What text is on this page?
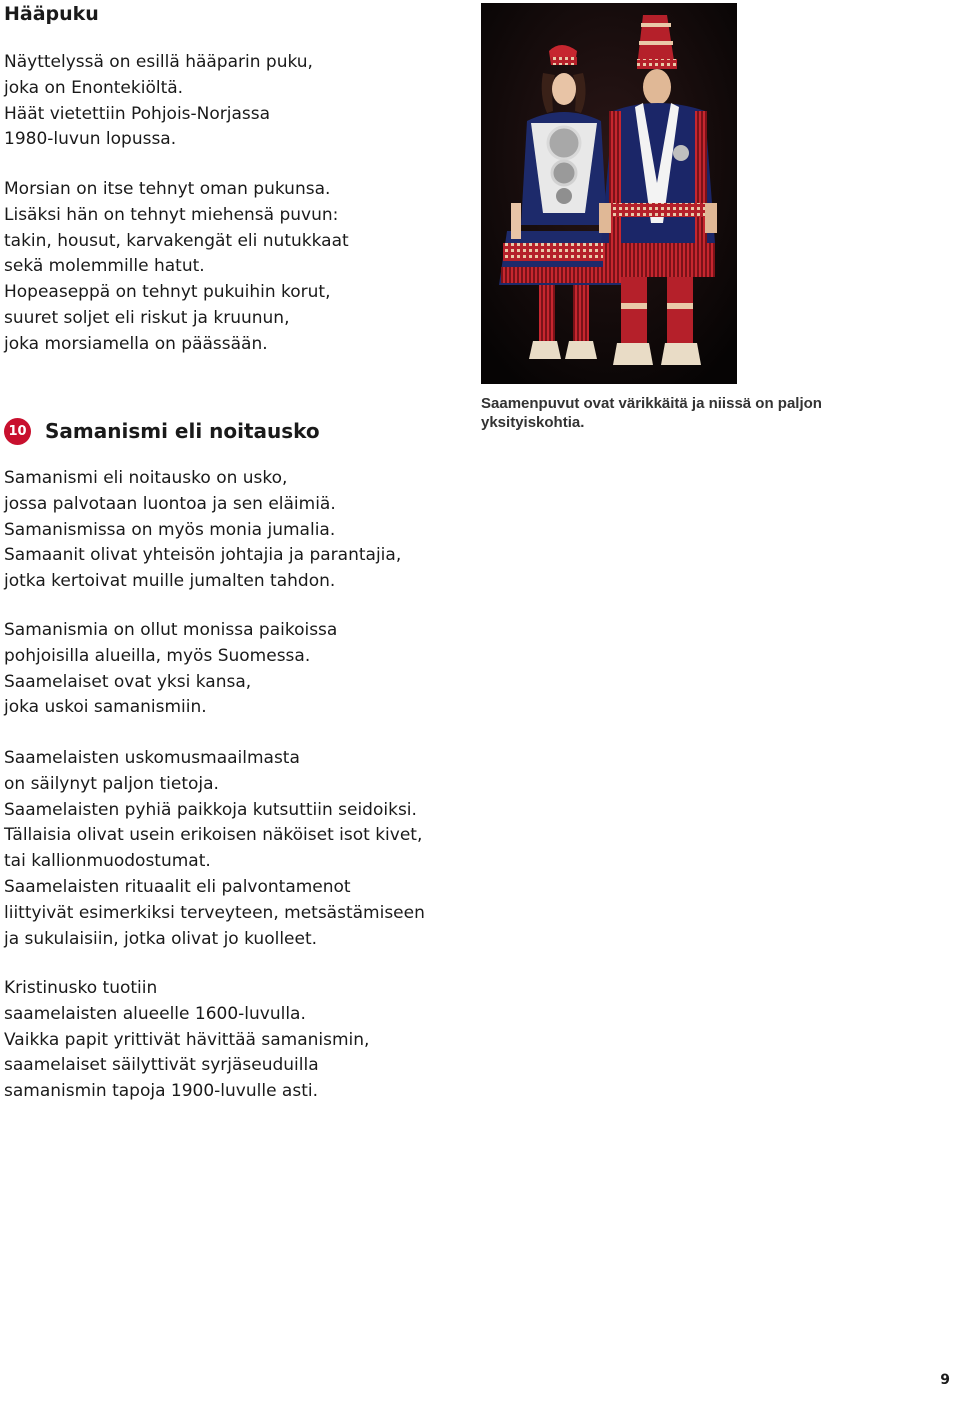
Hääpuku

Näyttelyssä on esillä hääparin puku,
joka on Enontekiöltä.
Häät vietettiin Pohjois-Norjassa
1980-luvun lopussa.

Morsian on itse tehnyt oman pukunsa.
Lisäksi hän on tehnyt miehensä puvun:
takin, housut, karvakengät eli nutukkaat
sekä molemmille hatut.
Hopeaseppä on tehnyt pukuihin korut,
suuret soljet eli riskut ja kruunun,
joka morsiamella on päässään.

Saamenpuvut ovat värikkäitä ja niissä on paljon
yksityiskohtia.

10 Samanismi eli noitausko

Samanismi eli noitausko on usko,
jossa palvotaan luontoa ja sen eläimiä.
Samanismissa on myös monia jumalia.
Samaanit olivat yhteisön johtajia ja parantajia,
jotka kertoivat muille jumalten tahdon.

Samanismia on ollut monissa paikoissa
pohjoisilla alueilla, myös Suomessa.
Saamelaiset ovat yksi kansa,
joka uskoi samanismiin.

Saamelaisten uskomusmaailmasta
on säilynyt paljon tietoja.
Saamelaisten pyhiä paikkoja kutsuttiin seidoiksi.
Tällaisia olivat usein erikoisen näköiset isot kivet,
tai kallionmuodostumat.
Saamelaisten rituaalit eli palvontamenot
liittyivät esimerkiksi terveyteen, metsästämiseen
ja sukulaisiin, jotka olivat jo kuolleet.

Kristinusko tuotiin
saamelaisten alueelle 1600-luvulla.
Vaikka papit yrittivät hävittää samanismin,
saamelaiset säilyttivät syrjäseuduilla
samanismin tapoja 1900-luvulle asti.

9
